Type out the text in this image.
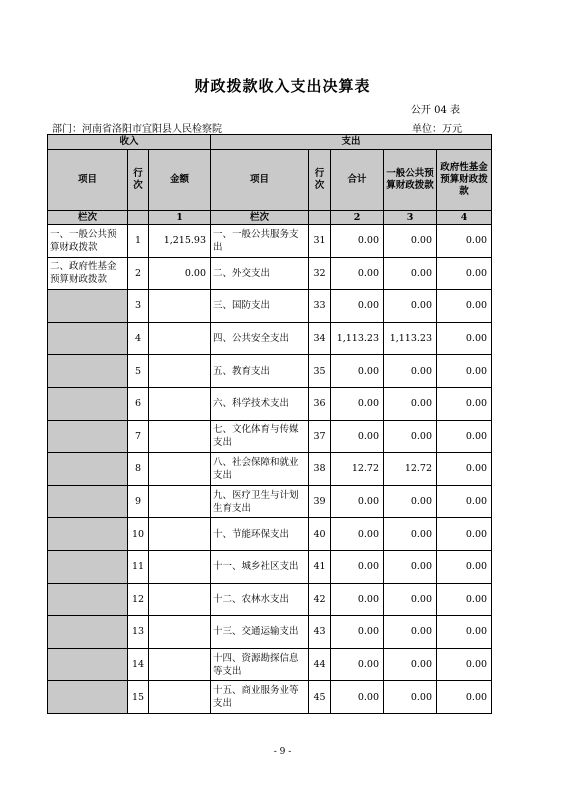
财政拨款收入支出决算表
公开 04 表
部门：河南省洛阳市宜阳县人民检察院	单位：万元
收入			支出				
项目	行次	金额	项目	行次	合计	一般公共预算财政拨款	政府性基金预算财政拨款
栏次		1	栏次		2	3	4
一、一般公共预算财政拨款	1	1,215.93	一、一般公共服务支出	31	0.00	0.00	0.00
二、政府性基金预算财政拨款	2	0.00	二、外交支出	32	0.00	0.00	0.00
	3		三、国防支出	33	0.00	0.00	0.00
	4		四、公共安全支出	34	1,113.23	1,113.23	0.00
	5		五、教育支出	35	0.00	0.00	0.00
	6		六、科学技术支出	36	0.00	0.00	0.00
	7		七、文化体育与传媒支出	37	0.00	0.00	0.00
	8		八、社会保障和就业支出	38	12.72	12.72	0.00
	9		九、医疗卫生与计划生育支出	39	0.00	0.00	0.00
	10		十、节能环保支出	40	0.00	0.00	0.00
	11		十一、城乡社区支出	41	0.00	0.00	0.00
	12		十二、农林水支出	42	0.00	0.00	0.00
	13		十三、交通运输支出	43	0.00	0.00	0.00
	14		十四、资源勘探信息等支出	44	0.00	0.00	0.00
	15		十五、商业服务业等支出	45	0.00	0.00	0.00
- 9 -
